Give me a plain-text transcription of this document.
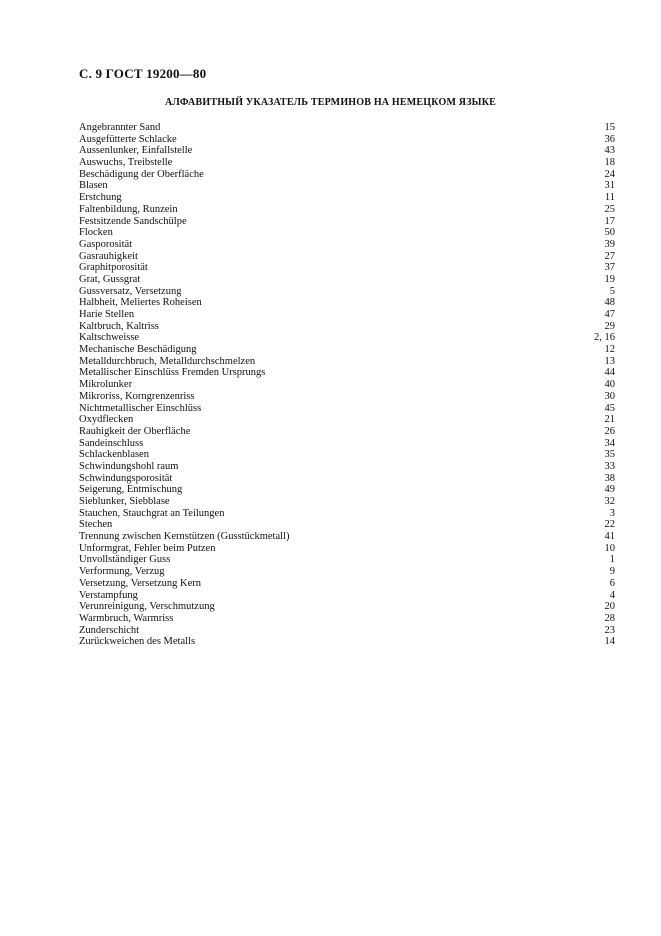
С. 9 ГОСТ 19200—80
АЛФАВИТНЫЙ УКАЗАТЕЛЬ ТЕРМИНОВ НА НЕМЕЦКОМ ЯЗЫКЕ
Angebrannter Sand	15
Ausgefütterte Schlacke	36
Aussenlunker, Einfallstelle	43
Auswuchs, Treibstelle	18
Beschädigung der Oberfläche	24
Blasen	31
Erstchung	11
Faltenbildung, Runzein	25
Festsitzende Sandschülpe	17
Flocken	50
Gasporosität	39
Gasrauhigkeit	27
Graphitporosität	37
Grat, Gussgrat	19
Gussversatz, Versetzung	5
Halbheit, Meliertes Roheisen	48
Harie Stellen	47
Kaltbruch, Kaltriss	29
Kaltschweisse	2, 16
Mechanische Beschädigung	12
Metalldurchbruch, Metalldurchschmelzen	13
Metallischer Einschlüss Fremden Ursprungs	44
Mikrolunker	40
Mikroriss, Korngrenzenriss	30
Nichtmetallischer Einschlüss	45
Oxydflecken	21
Rauhigkeit der Oberfläche	26
Sandeinschluss	34
Schlackenblasen	35
Schwindungshohl raum	33
Schwindungsporosität	38
Seigerung, Entmischung	49
Sieblunker, Siebblase	32
Stauchen, Stauchgrat an Teilungen	3
Stechen	22
Trennung zwischen Kernstützen (Gusstückmetall)	41
Unformgrat, Fehler beim Putzen	10
Unvollständiger Guss	1
Verformung, Verzug	9
Versetzung, Versetzung Kern	6
Verstampfung	4
Verunreinigung, Verschmutzung	20
Warmbruch, Warmriss	28
Zunderschicht	23
Zurückweichen des Metalls	14
